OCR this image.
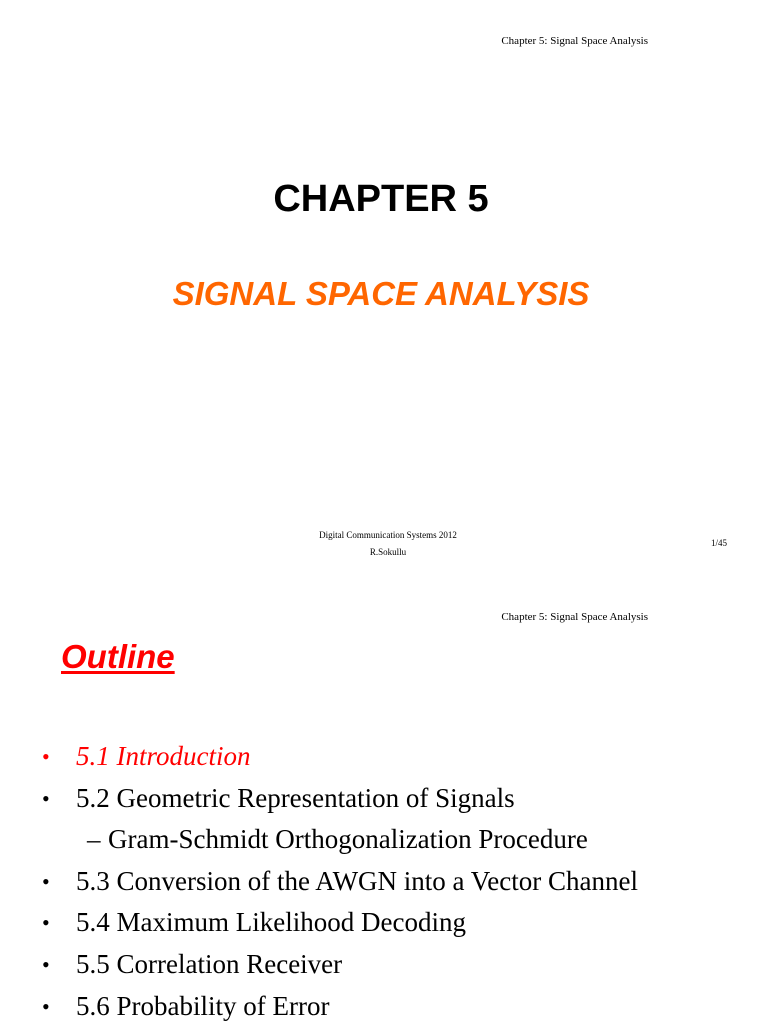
Chapter 5: Signal Space Analysis
CHAPTER 5
SIGNAL SPACE ANALYSIS
Digital Communication Systems 2012
R.Sokullu
1/45
Chapter 5: Signal Space Analysis
Outline
• 5.1 Introduction
• 5.2 Geometric Representation of Signals
– Gram-Schmidt Orthogonalization Procedure
• 5.3 Conversion of the AWGN into a Vector Channel
• 5.4 Maximum Likelihood Decoding
• 5.5 Correlation Receiver
• 5.6 Probability of Error
